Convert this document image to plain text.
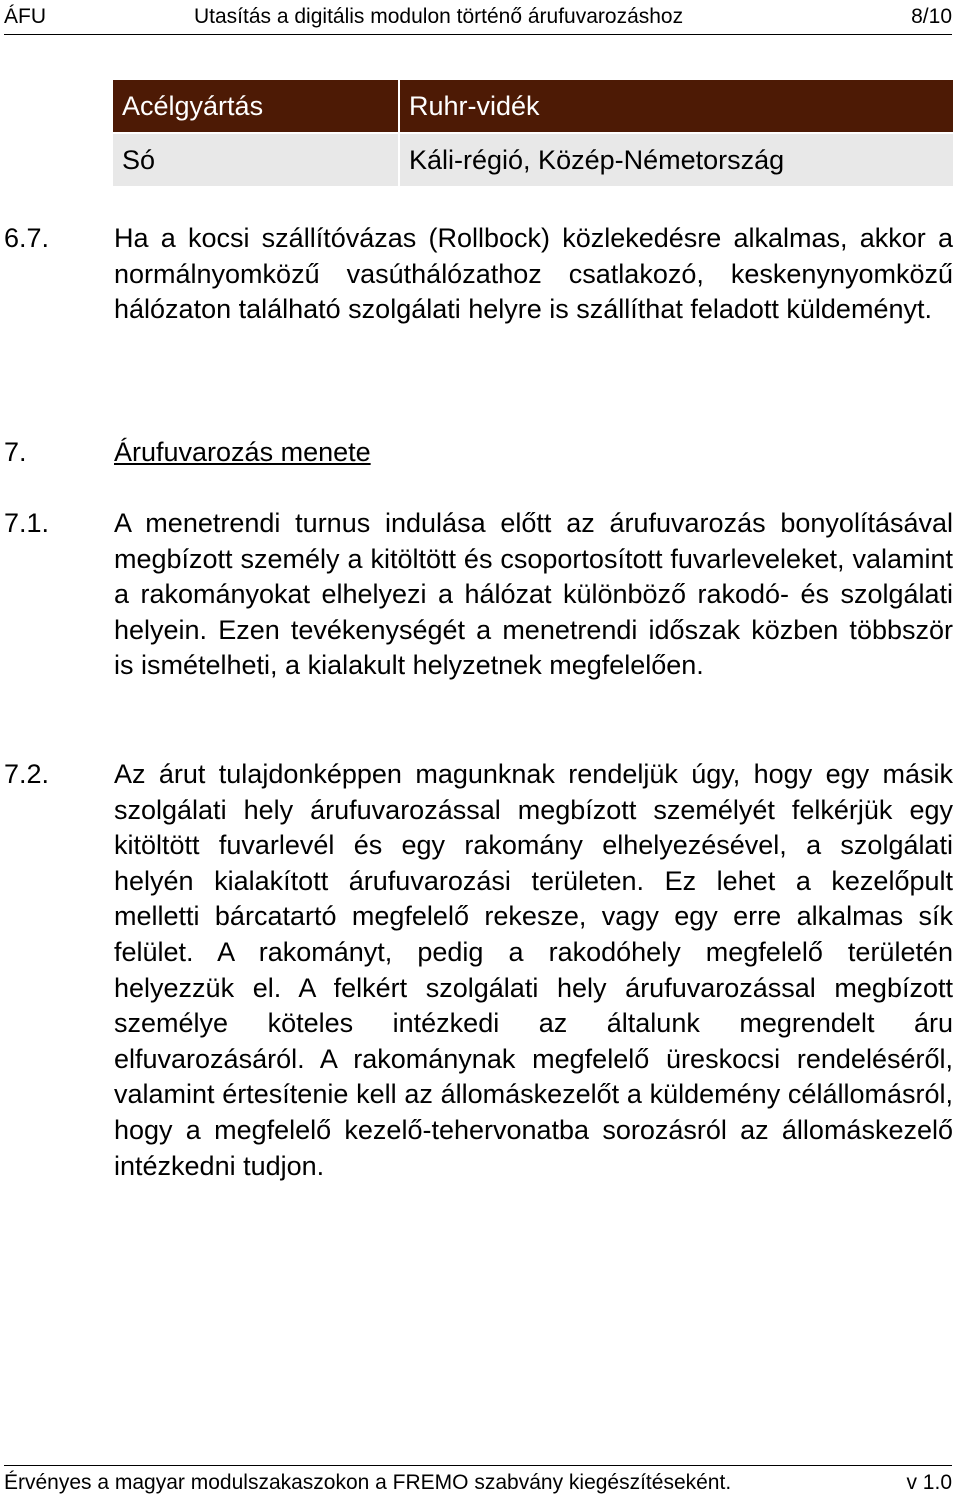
ÁFU	Utasítás a digitális modulon történő árufuvarozáshoz	8/10
Acélgyártás	Ruhr-vidék
Só	Káli-régió, Közép-Németország
6.7. Ha a kocsi szállítóvázas (Rollbock) közlekedésre alkalmas, akkor a normálnyomközű vasúthálózathoz csatlakozó, keskenynyomközű hálózaton található szolgálati helyre is szállíthat feladott küldeményt.
7.	Árufuvarozás menete
7.1. A menetrendi turnus indulása előtt az árufuvarozás bonyolításával megbízott személy a kitöltött és csoportosított fuvarleveleket, valamint a rakományokat elhelyezi a hálózat különböző rakodó- és szolgálati helyein. Ezen tevékenységét a menetrendi időszak közben többször is ismételheti, a kialakult helyzetnek megfelelően.
7.2. Az árut tulajdonképpen magunknak rendeljük úgy, hogy egy másik szolgálati hely árufuvarozással megbízott személyét felkérjük egy kitöltött fuvarlevél és egy rakomány elhelyezésével, a szolgálati helyén kialakított árufuvarozási területen. Ez lehet a kezelőpult melletti bárcatartó megfelelő rekesze, vagy egy erre alkalmas sík felület. A rakományt, pedig a rakodóhely megfelelő területén helyezzük el. A felkért szolgálati hely árufuvarozással megbízott személye köteles intézkedi az általunk megrendelt áru elfuvarozásáról. A rakománynak megfelelő üreskocsi rendeléséről, valamint értesítenie kell az állomáskezelőt a küldemény célállomásról, hogy a megfelelő kezelő-tehervonatba sorozásról az állomáskezelő intézkedni tudjon.
Érvényes a magyar modulszakaszokon a FREMO szabvány kiegészítéseként.	v 1.0
